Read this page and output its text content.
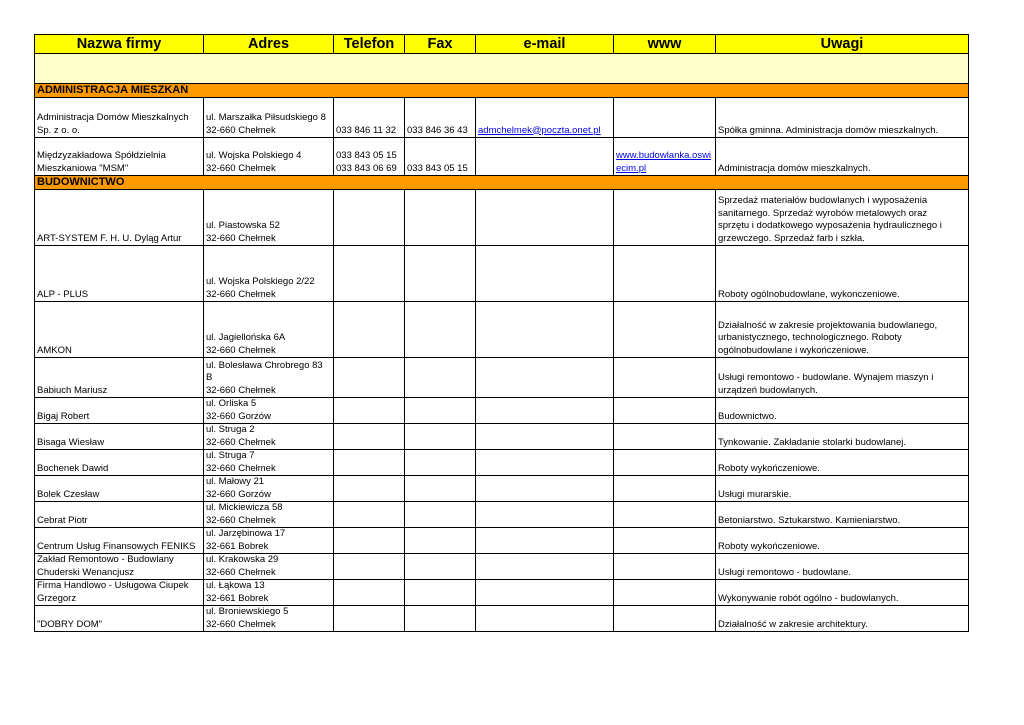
Nazwa firmy	Adres	Telefon	Fax	e-mail	www	Uwagi

ADMINISTRACJA MIESZKAŃ						
Administracja Domów Mieszkalnych
Sp. z o. o.	ul. Marszałka Piłsudskiego 8
32-660 Chełmek	033 846 11 32	033 846 36 43	admchelmek@poczta.onet.pl		Spółka gminna. Administracja domów mieszkalnych.
Międzyzakładowa Spółdzielnia
Mieszkaniowa "MSM"	ul. Wojska Polskiego 4
32-660 Chełmek	033 843 05 15
033 843 06 69	033 843 05 15		www.budowlanka.oswi
ecim.pl	Administracja domów mieszkalnych.
BUDOWNICTWO						
ART-SYSTEM F. H. U. Dyląg Artur	ul. Piastowska 52
32-660 Chełmek					Sprzedaż materiałów budowlanych i wyposażenia
sanitarnego. Sprzedaż wyrobów metalowych oraz
sprzętu i dodatkowego wyposażenia hydraulicznego i
grzewczego. Sprzedaż farb i szkła.
ALP - PLUS	ul. Wojska Polskiego 2/22
32-660 Chełmek					Roboty ogólnobudowlane, wykonczeniowe.
AMKON	ul. Jagiellońska 6A
32-660 Chełmek					Działalność w zakresie projektowania budowlanego,
urbanistycznego, technologicznego. Roboty
ogólnobudowlane i wykończeniowe.
Babiuch Mariusz	ul. Bolesława Chrobrego 83
B
32-660 Chełmek					Usługi remontowo - budowlane. Wynajem maszyn i
urządzeń budowlanych.
Bigaj Robert	ul. Orliska 5
32-660 Gorzów					Budownictwo.
Bisaga Wiesław	ul. Struga 2
32-660 Chełmek					Tynkowanie. Zakładanie stolarki budowlanej.
Bochenek Dawid	ul. Struga 7
32-660 Chełmek					Roboty wykończeniowe.
Bolek Czesław	ul. Małowy 21
32-660 Gorzów					Usługi murarskie.
Cebrat Piotr	ul. Mickiewicza 58
32-660 Chełmek					Betoniarstwo. Sztukarstwo. Kamieniarstwo.
Centrum Usług Finansowych FENIKS	ul. Jarzębinowa 17
32-661 Bobrek					Roboty wykończeniowe.
Zakład Remontowo - Budowlany
Chuderski Wenancjusz	ul. Krakowska 29
32-660 Chełmek					Usługi remontowo - budowlane.
Firma Handlowo - Usługowa Ciupek
Grzegorz	ul. Łąkowa 13
32-661 Bobrek					Wykonywanie robót ogólno - budowlanych.
"DOBRY DOM"	ul. Broniewskiego 5
32-660 Chełmek					Działalność w zakresie architektury.
